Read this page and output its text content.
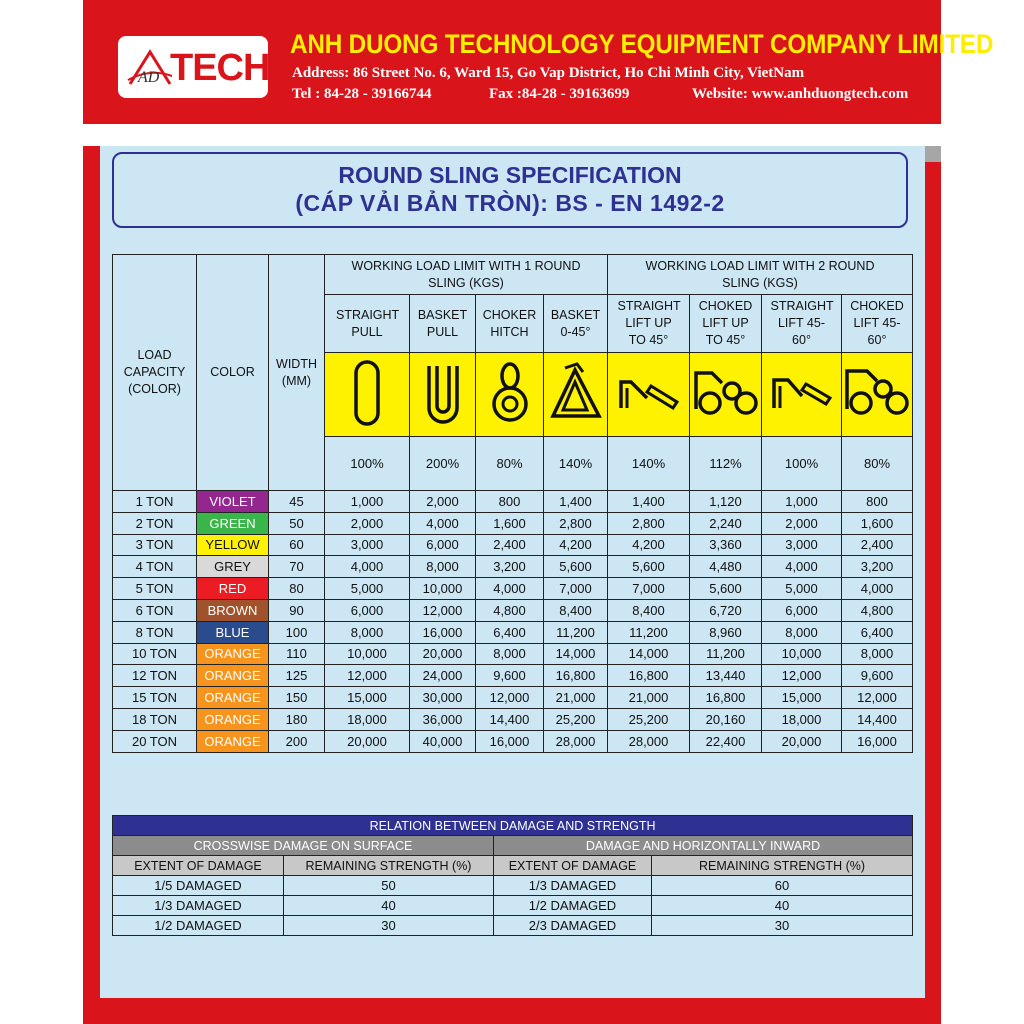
AD TECH
ANH DUONG TECHNOLOGY EQUIPMENT COMPANY LIMITED
Address: 86 Street No. 6, Ward 15, Go Vap District, Ho Chi Minh City, VietNam
Tel : 84-28 - 39166744	Fax :84-28 - 39163699	Website: www.anhduongtech.com
ROUND SLING SPECIFICATION
(CÁP VẢI BẢN TRÒN): BS - EN 1492-2
LOAD CAPACITY (COLOR)	COLOR	WIDTH (MM)	WORKING LOAD LIMIT WITH 1 ROUND SLING (KGS)				WORKING LOAD LIMIT WITH 2 ROUND SLING (KGS)			

			STRAIGHT PULL	BASKET PULL	CHOKER HITCH	BASKET 0-45°	STRAIGHT LIFT UP TO 45°	CHOKED LIFT UP TO 45°	STRAIGHT LIFT 45-60°	CHOKED LIFT 45-60°

			100%	200%	80%	140%	140%	112%	100%	80%
1 TON	VIOLET	45	1,000	2,000	800	1,400	1,400	1,120	1,000	800
2 TON	GREEN	50	2,000	4,000	1,600	2,800	2,800	2,240	2,000	1,600
3 TON	YELLOW	60	3,000	6,000	2,400	4,200	4,200	3,360	3,000	2,400
4 TON	GREY	70	4,000	8,000	3,200	5,600	5,600	4,480	4,000	3,200
5 TON	RED	80	5,000	10,000	4,000	7,000	7,000	5,600	5,000	4,000
6 TON	BROWN	90	6,000	12,000	4,800	8,400	8,400	6,720	6,000	4,800
8 TON	BLUE	100	8,000	16,000	6,400	11,200	11,200	8,960	8,000	6,400
10 TON	ORANGE	110	10,000	20,000	8,000	14,000	14,000	11,200	10,000	8,000
12 TON	ORANGE	125	12,000	24,000	9,600	16,800	16,800	13,440	12,000	9,600
15 TON	ORANGE	150	15,000	30,000	12,000	21,000	21,000	16,800	15,000	12,000
18 TON	ORANGE	180	18,000	36,000	14,400	25,200	25,200	20,160	18,000	14,400
20 TON	ORANGE	200	20,000	40,000	16,000	28,000	28,000	22,400	20,000	16,000
RELATION BETWEEN DAMAGE AND STRENGTH			
CROSSWISE DAMAGE ON SURFACE		DAMAGE AND HORIZONTALLY INWARD	
EXTENT OF DAMAGE	REMAINING STRENGTH (%)	EXTENT OF DAMAGE	REMAINING STRENGTH (%)
1/5 DAMAGED	50	1/3 DAMAGED	60
1/3 DAMAGED	40	1/2 DAMAGED	40
1/2 DAMAGED	30	2/3 DAMAGED	30
